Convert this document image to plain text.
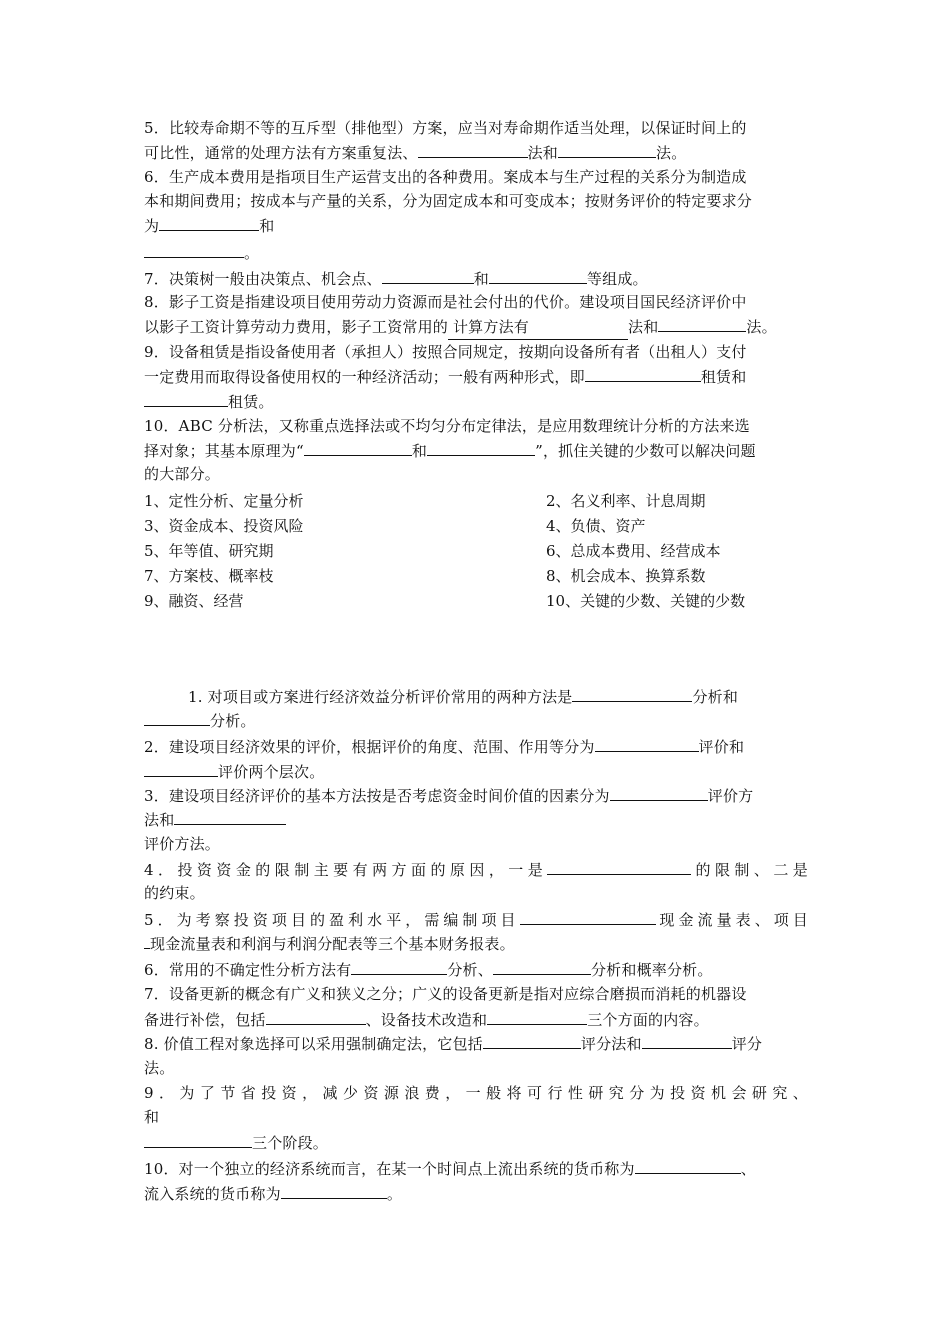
5．比较寿命期不等的互斥型（排他型）方案，应当对寿命期作适当处理，以保证时间上的
可比性，通常的处理方法有方案重复法、	法和	法。
6．生产成本费用是指项目生产运营支出的各种费用。案成本与生产过程的关系分为制造成
本和期间费用；按成本与产量的关系，分为固定成本和可变成本；按财务评价的特定要求分
为	和
。
7．决策树一般由决策点、机会点、	和	等组成。
8．影子工资是指建设项目使用劳动力资源而是社会付出的代价。建设项目国民经济评价中
以影子工资计算劳动力费用，影子工资常用的 计算方法有	法和	法。
9．设备租赁是指设备使用者（承担人）按照合同规定，按期向设备所有者（出租人）支付
一定费用而取得设备使用权的一种经济活动；一般有两种形式，即	租赁和
租赁。
10．ABC 分析法，又称重点选择法或不均匀分布定律法，是应用数理统计分析的方法来选
择对象；其基本原理为“	和	”，抓住关键的少数可以解决问题
的大部分。
1、定性分析、定量分析	2、名义利率、计息周期
3、资金成本、投资风险	4、负债、资产
5、年等值、研究期	6、总成本费用、经营成本
7、方案枝、概率枝	8、机会成本、换算系数
9、融资、经营	10、关键的少数、关键的少数
1. 对项目或方案进行经济效益分析评价常用的两种方法是	分析和
分析。
2．建设项目经济效果的评价，根据评价的角度、范围、作用等分为	评价和
评价两个层次。
3．建设项目经济评价的基本方法按是否考虑资金时间价值的因素分为	评价方
法和
评价方法。
4．投资资金的限制主要有两方面的原因，一是	的限制、二是
的约束。
5．为考察投资项目的盈利水平，需编制项目	现金流量表、项目
现金流量表和利润与利润分配表等三个基本财务报表。
6．常用的不确定性分析方法有	分析、	分析和概率分析。
7．设备更新的概念有广义和狭义之分；广义的设备更新是指对应综合磨损而消耗的机器设
备进行补偿，包括	、设备技术改造和	三个方面的内容。
8. 价值工程对象选择可以采用强制确定法，它包括	评分法和	评分
法。
9．为了节省投资，减少资源浪费，一般将可行性研究分为投资机会研究、
和
三个阶段。
10．对一个独立的经济系统而言，在某一个时间点上流出系统的货币称为	、
流入系统的货币称为	。
